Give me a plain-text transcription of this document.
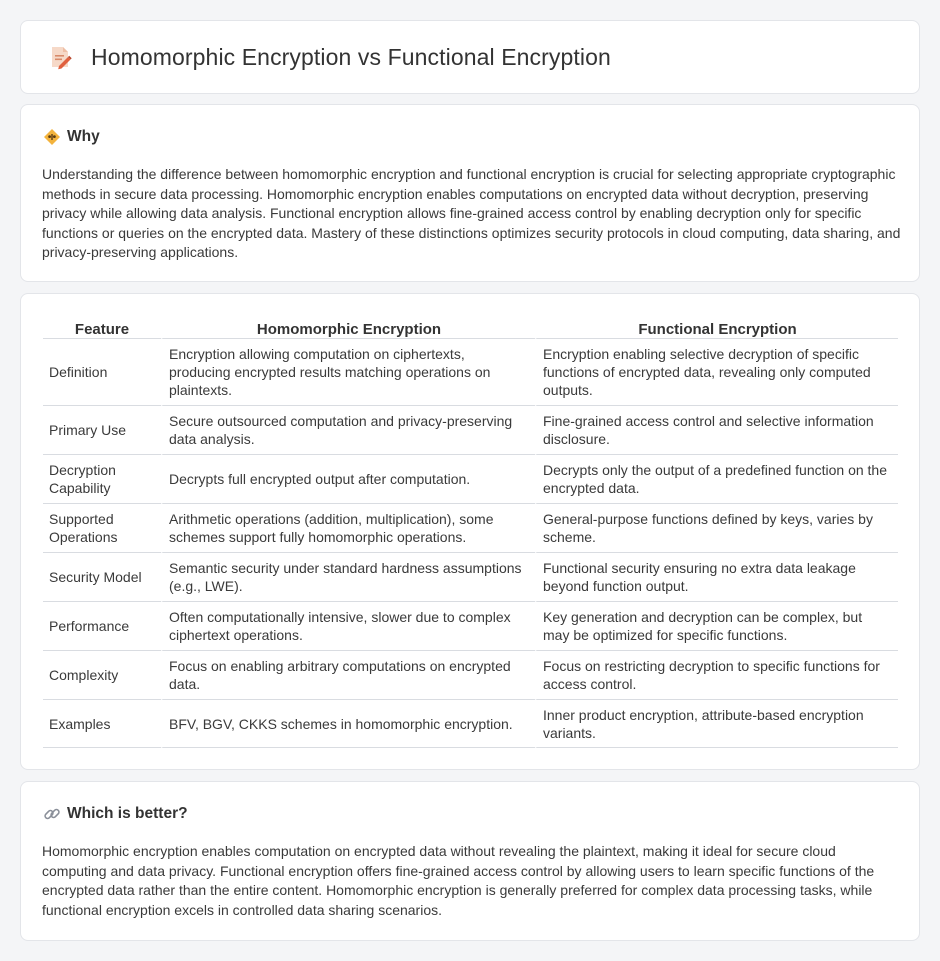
Homomorphic Encryption vs Functional Encryption
Why

Understanding the difference between homomorphic encryption and functional encryption is crucial for selecting appropriate cryptographic methods in secure data processing. Homomorphic encryption enables computations on encrypted data without decryption, preserving privacy while allowing data analysis. Functional encryption allows fine-grained access control by enabling decryption only for specific functions or queries on the encrypted data. Mastery of these distinctions optimizes security protocols in cloud computing, data sharing, and privacy-preserving applications.

Feature	Homomorphic Encryption	Functional Encryption
Definition	Encryption allowing computation on ciphertexts, producing encrypted results matching operations on plaintexts.	Encryption enabling selective decryption of specific functions of encrypted data, revealing only computed outputs.
Primary Use	Secure outsourced computation and privacy-preserving data analysis.	Fine-grained access control and selective information disclosure.
Decryption Capability	Decrypts full encrypted output after computation.	Decrypts only the output of a predefined function on the encrypted data.
Supported Operations	Arithmetic operations (addition, multiplication), some schemes support fully homomorphic operations.	General-purpose functions defined by keys, varies by scheme.
Security Model	Semantic security under standard hardness assumptions (e.g., LWE).	Functional security ensuring no extra data leakage beyond function output.
Performance	Often computationally intensive, slower due to complex ciphertext operations.	Key generation and decryption can be complex, but may be optimized for specific functions.
Complexity	Focus on enabling arbitrary computations on encrypted data.	Focus on restricting decryption to specific functions for access control.
Examples	BFV, BGV, CKKS schemes in homomorphic encryption.	Inner product encryption, attribute-based encryption variants.
Which is better?

Homomorphic encryption enables computation on encrypted data without revealing the plaintext, making it ideal for secure cloud computing and data privacy. Functional encryption offers fine-grained access control by allowing users to learn specific functions of the encrypted data rather than the entire content. Homomorphic encryption is generally preferred for complex data processing tasks, while functional encryption excels in controlled data sharing scenarios.
